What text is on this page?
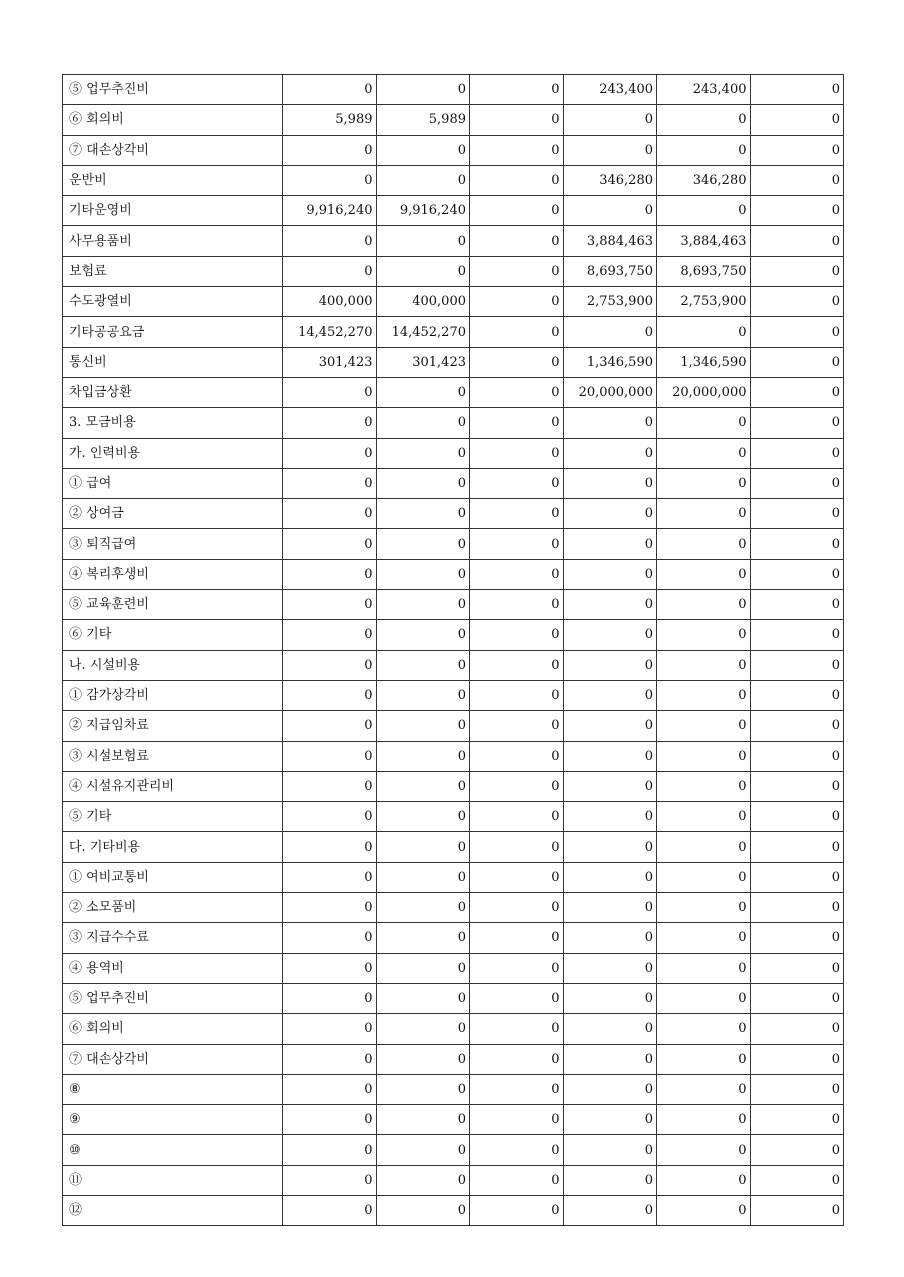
⑤ 업무추진비	0	0	0	243,400	243,400	0
⑥ 회의비	5,989	5,989	0	0	0	0
⑦ 대손상각비	0	0	0	0	0	0
운반비	0	0	0	346,280	346,280	0
기타운영비	9,916,240	9,916,240	0	0	0	0
사무용품비	0	0	0	3,884,463	3,884,463	0
보험료	0	0	0	8,693,750	8,693,750	0
수도광열비	400,000	400,000	0	2,753,900	2,753,900	0
기타공공요금	14,452,270	14,452,270	0	0	0	0
통신비	301,423	301,423	0	1,346,590	1,346,590	0
차입금상환	0	0	0	20,000,000	20,000,000	0
3. 모금비용	0	0	0	0	0	0
가. 인력비용	0	0	0	0	0	0
① 급여	0	0	0	0	0	0
② 상여금	0	0	0	0	0	0
③ 퇴직급여	0	0	0	0	0	0
④ 복리후생비	0	0	0	0	0	0
⑤ 교육훈련비	0	0	0	0	0	0
⑥ 기타	0	0	0	0	0	0
나. 시설비용	0	0	0	0	0	0
① 감가상각비	0	0	0	0	0	0
② 지급임차료	0	0	0	0	0	0
③ 시설보험료	0	0	0	0	0	0
④ 시설유지관리비	0	0	0	0	0	0
⑤ 기타	0	0	0	0	0	0
다. 기타비용	0	0	0	0	0	0
① 여비교통비	0	0	0	0	0	0
② 소모품비	0	0	0	0	0	0
③ 지급수수료	0	0	0	0	0	0
④ 용역비	0	0	0	0	0	0
⑤ 업무추진비	0	0	0	0	0	0
⑥ 회의비	0	0	0	0	0	0
⑦ 대손상각비	0	0	0	0	0	0
⑧	0	0	0	0	0	0
⑨	0	0	0	0	0	0
⑩	0	0	0	0	0	0
⑪	0	0	0	0	0	0
⑫	0	0	0	0	0	0
